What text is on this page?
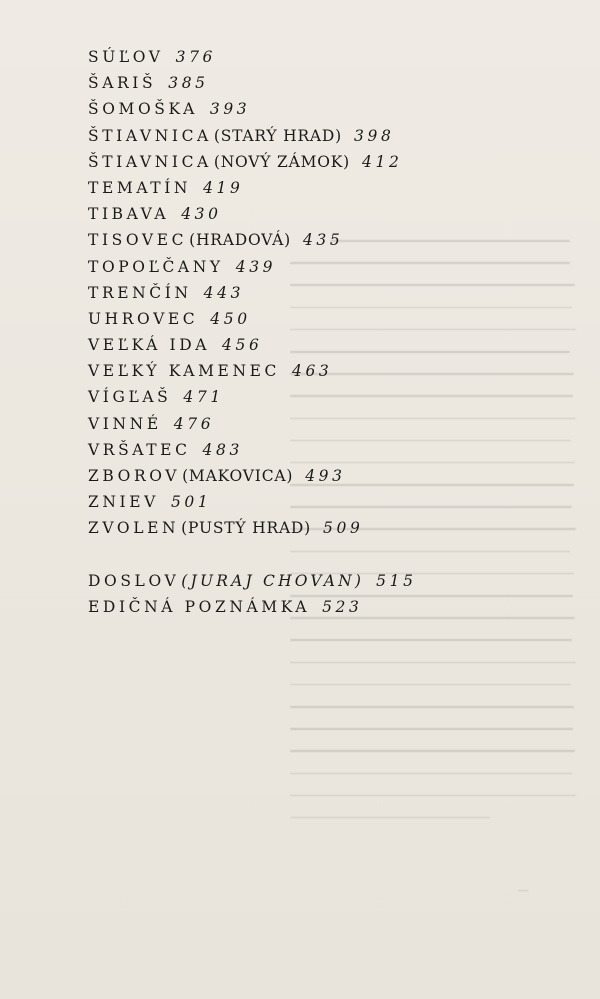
SÚĽOV 376
ŠARIŠ 385
ŠOMOŠKA 393
ŠTIAVNICA (STARÝ HRAD) 398
ŠTIAVNICA (NOVÝ ZÁMOK) 412
TEMATÍN 419
TIBAVA 430
TISOVEC (HRADOVÁ) 435
TOPOĽČANY 439
TRENČÍN 443
UHROVEC 450
VEĽKÁ IDA 456
VEĽKÝ KAMENEC 463
VÍGĽAŠ 471
VINNÉ 476
VRŠATEC 483
ZBOROV (MAKOVICA) 493
ZNIEV 501
ZVOLEN (PUSTÝ HRAD) 509
DOSLOV (JURAJ CHOVAN) 515
EDIČNÁ POZNÁMKA 523
